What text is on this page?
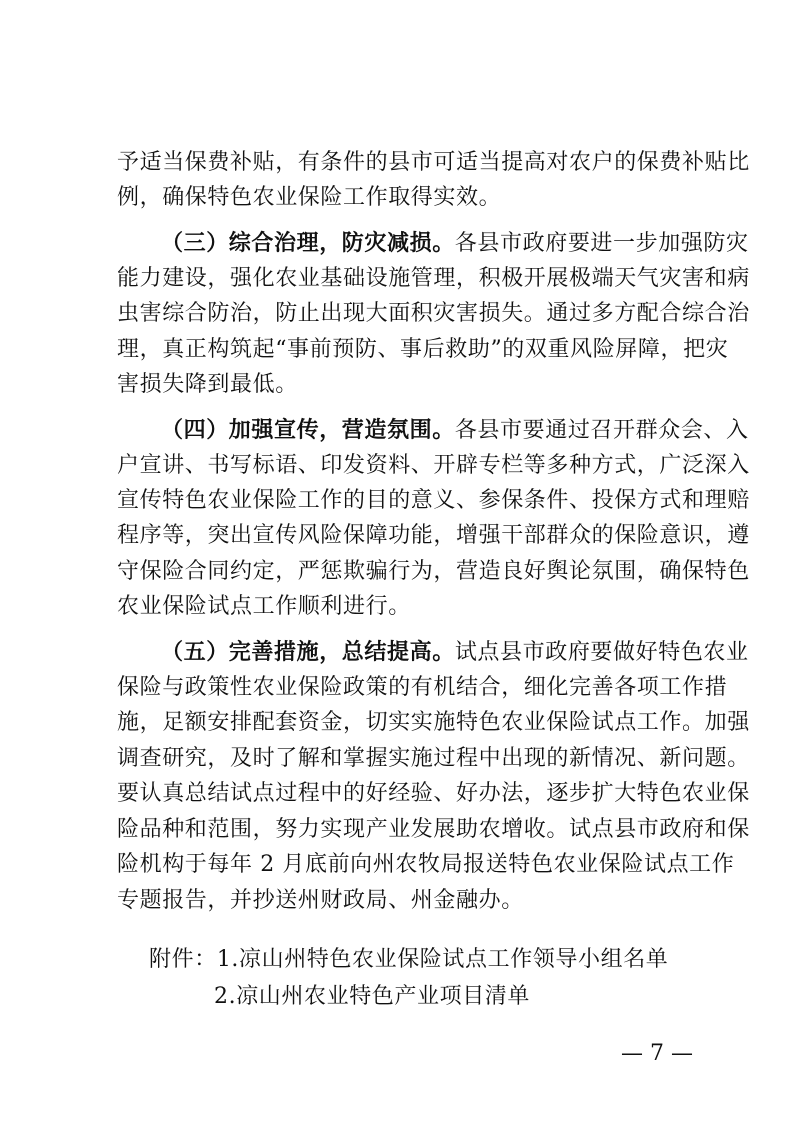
予适当保费补贴，有条件的县市可适当提高对农户的保费补贴比
例，确保特色农业保险工作取得实效。
（三）综合治理，防灾减损。各县市政府要进一步加强防灾
能力建设，强化农业基础设施管理，积极开展极端天气灾害和病
虫害综合防治，防止出现大面积灾害损失。通过多方配合综合治
理，真正构筑起“事前预防、事后救助”的双重风险屏障，把灾
害损失降到最低。
（四）加强宣传，营造氛围。各县市要通过召开群众会、入
户宣讲、书写标语、印发资料、开辟专栏等多种方式，广泛深入
宣传特色农业保险工作的目的意义、参保条件、投保方式和理赔
程序等，突出宣传风险保障功能，增强干部群众的保险意识，遵
守保险合同约定，严惩欺骗行为，营造良好舆论氛围，确保特色
农业保险试点工作顺利进行。
（五）完善措施，总结提高。试点县市政府要做好特色农业
保险与政策性农业保险政策的有机结合，细化完善各项工作措
施，足额安排配套资金，切实实施特色农业保险试点工作。加强
调查研究，及时了解和掌握实施过程中出现的新情况、新问题。
要认真总结试点过程中的好经验、好办法，逐步扩大特色农业保
险品种和范围，努力实现产业发展助农增收。试点县市政府和保
险机构于每年 2 月底前向州农牧局报送特色农业保险试点工作
专题报告，并抄送州财政局、州金融办。
附件：1.凉山州特色农业保险试点工作领导小组名单
2.凉山州农业特色产业项目清单
— 7 —
